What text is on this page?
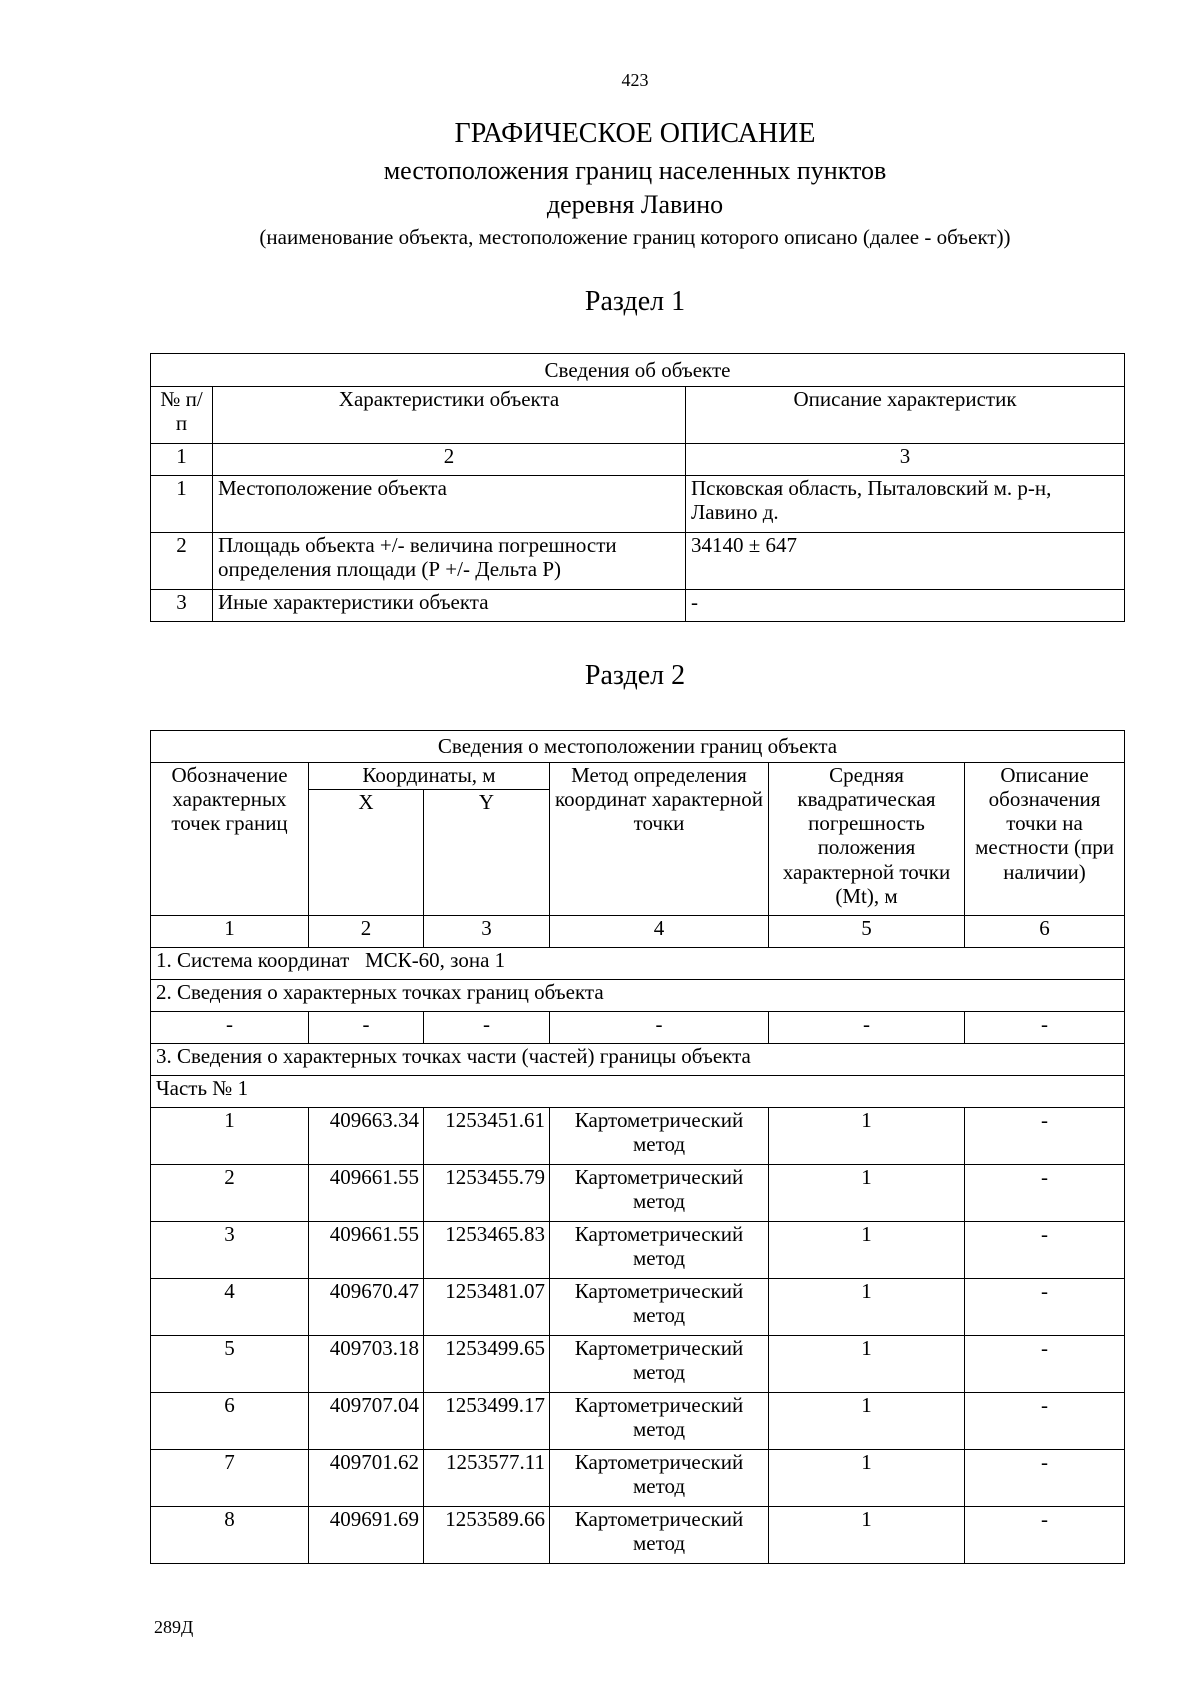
423
ГРАФИЧЕСКОЕ ОПИСАНИЕ
местоположения границ населенных пунктов
деревня Лавино
(наименование объекта, местоположение границ которого описано (далее - объект))
Раздел 1
Сведения об объекте		
№ п/п	Характеристики объекта	Описание характеристик
1	2	3
1	Местоположение объекта	Псковская область, Пыталовский м. р-н, Лавино д.
2	Площадь объекта +/- величина погрешности определения площади (Р +/- Дельта Р)	34140 ± 647
3	Иные характеристики объекта	-
Раздел 2
Сведения о местоположении границ объекта					
Обозначение характерных точек границ	Координаты, м		Метод определения координат характерной точки	Средняя квадратическая погрешность положения характерной точки (Mt), м	Описание обозначения точки на местности (при наличии)
	X	Y			
1	2	3	4	5	6
1. Система координат   МСК-60, зона 1					
2. Сведения о характерных точках границ объекта					
-	-	-	-	-	-
3. Сведения о характерных точках части (частей) границы объекта					
Часть № 1					
1	409663.34	1253451.61	Картометрический метод	1	-
2	409661.55	1253455.79	Картометрический метод	1	-
3	409661.55	1253465.83	Картометрический метод	1	-
4	409670.47	1253481.07	Картометрический метод	1	-
5	409703.18	1253499.65	Картометрический метод	1	-
6	409707.04	1253499.17	Картометрический метод	1	-
7	409701.62	1253577.11	Картометрический метод	1	-
8	409691.69	1253589.66	Картометрический метод	1	-
289Д
